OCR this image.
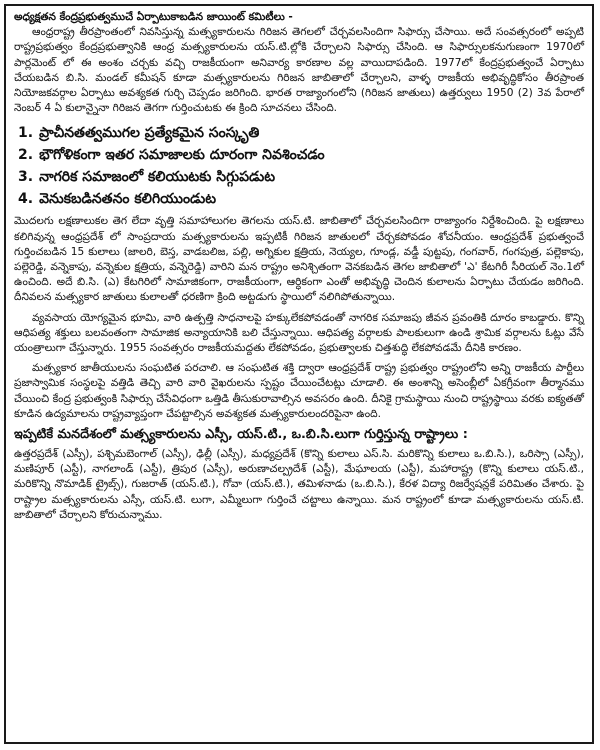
అధ్యక్షతన కేంద్రప్రభుత్వముచే ఏర్పాటుకాబడిన జాయింట్ కమిటీలు -

ఆంధ్రరాష్ట్ర తీరప్రాంతంలో నివసిస్తున్న మత్స్యకారులను గిరిజన తెగలలో చేర్చవలసిందిగా సిఫార్సు చేసాయి. అదే సంవత్సరంలో అప్పటి రాష్ట్రప్రభుత్వం కేంద్రప్రభుత్వానికి ఆంధ్ర మత్స్యకారులను యస్.టి.ల్లోకి చేర్చాలని సిఫార్సు చేసింది. ఆ సిఫార్సులకనుగుణంగా 1970లో పార్లమెంట్ లో ఈ అంశం చర్చకు వచ్చి రాజకీయంగా అనివార్య కారణాల వల్ల వాయిదాపడింది. 1977లో కేంద్రప్రభుత్వంచే ఏర్పాటు చేయబడిన బి.సి. మండల్ కమీషన్ కూడా మత్స్యకారులను గిరిజన జాబితాలో చేర్చాలని, వాళ్ళ రాజకీయ అభివృద్ధికోసం తీరప్రాంత నియోజకవర్గాల ఏర్పాటు అవశ్యకత గుర్చి చెప్పడం జరిగింది. భారత రాజ్యాంగంలోని (గిరిజన జాతులు) ఉత్తర్వులు 1950 (2) 3వ పేరాలో నెంబర్ 4 ఏ కులాన్నైనా గిరిజన తెగగా గుర్తించుటకు ఈ క్రింది సూచనలు చేసింది.

1. ప్రాచీనతత్వముగల ప్రత్యేకమైన సంస్కృతి
2. భౌగోళికంగా ఇతర సమాజాలకు దూరంగా నివశించడం
3. నాగరిక సమాజంలో కలియుటకు సిగ్గుపడుట
4. వెనుకబడినతనం కలిగియుండుట

మొదలగు లక్షణాలుకల తెగ లేదా వృత్తి సమాహాలుగల తెగలను యస్.టి. జాబితాలో చేర్చవలసిందిగా రాజ్యాంగం నిర్దేశించింది. పై లక్షణాలు కలిగివున్న ఆంధ్రప్రదేశ్ లో సాంప్రదాయ మత్స్యకారులను ఇప్పటికీ గిరిజన జాతులలో చేర్చకపోవడం శోచనీయం. ఆంధ్రప్రదేశ్ ప్రభుత్వంచే గుర్తించబడిన 15 కులాలు (జాలరి, బెస్త, వాడబలిజ, పల్లి, అగ్నికుల క్షత్రియ, నెయ్యల, గూండ్ల, వడ్డీ పుట్టపు, గంగవార్, గంగపుత్ర, పల్లెకాపు, పల్లెరెడ్డి, వన్నెకాపు, వన్నెకుల క్షత్రియ, వన్నెరెడ్డి) వారిని మన రాష్ట్రం అనిశ్చితంగా వెనకబడిన తెగల జాబితాలో 'ఎ' కేటగిరీ సీరియల్ నెం.1లో ఉంచింది. అదే బి.సి. (ఎ) కేటగిరిలో సామాజికంగా, రాజకీయంగా, ఆర్ధికంగా ఎంతో అభివృద్ధి చెందిన కులాలను ఏర్పాటు చేయడం జరిగింది. దీనివలన మత్స్యకార జాతులు కులాలతో ధరణిగా క్రింది అట్టడుగు స్థాయిలో నలిగిపోతున్నాయి.

వ్యవసాయ యోగ్యమైన భూమి, వారి ఉత్పత్తి సాధనాలపై హక్కులేకపోవడంతో నాగరిక సమాజపు జీవన ప్రవంతికి దూరం కాబడ్డారు. కొన్ని ఆధిపత్య శక్తులు బలవంతంగా సామాజిక అన్యాయానికి బలి చేస్తున్నాయి. ఆధిపత్య వర్గాలకు పాలకులుగా ఉండి శ్రామిక వర్గాలను ఓట్లు వేసే యంత్రాలుగా చేస్తున్నారు. 1955 సంవత్సరం రాజకీయమద్దతు లేకపోవడం, ప్రభుత్వాలకు చిత్తశుద్ధి లేకపోవడమే దీనికి కారణం.

మత్స్యకార జాతీయులను సంఘటిత పరచాలి. ఆ సంఘటిత శక్తి ద్వారా ఆంధ్రప్రదేశ్ రాష్ట్ర ప్రభుత్వం రాష్ట్రంలోని అన్ని రాజకీయ పార్టీలు ప్రజాస్వామిక సంస్థలపై వత్తిడి తెచ్చి వారి వారి వైఖరులను స్పష్టం చేయించేటట్లు చూడాలి. ఈ అంశాన్ని అసెంబ్లీలో ఏకగ్రీవంగా తీర్మానము చేయించి కేంద్ర ప్రభుత్వంకి సిఫార్సు చేసేవిధంగా ఒత్తిడి తీసుకురావాల్సిన అవసరం ఉంది. దీనికై గ్రామస్థాయి నుంచి రాష్ట్రస్థాయి వరకు ఐక్యతతో కూడిన ఉద్యమాలను రాష్ట్రవ్యాప్తంగా చేపట్టాల్సిన అవశ్యకత మత్స్యకారులందరిపైనా ఉంది.

ఇప్పటికే మనదేశంలో మత్స్యకారులను ఎస్సీ, యస్.టి., ఒ.బి.సి.లుగా గుర్తిస్తున్న రాష్ట్రాలు :

ఉత్తరప్రదేశ్ (ఎస్సీ), పశ్చిమబెంగాల్ (ఎస్సీ), ఢిల్లీ (ఎస్సీ), మధ్యప్రదేశ్ (కొన్ని కులాలు ఎస్.సి. మరికొన్ని కులాలు ఒ.బి.సి.), ఒరిస్సా (ఎస్సీ), మణిపూర్ (ఎస్టీ), నాగలాండ్ (ఎస్టీ), త్రిపుర (ఎస్సీ), అరుణాచల్ప్రదేశ్ (ఎస్టీ), మేఘాలయ (ఎస్టీ), మహారాష్ట్ర (కొన్ని కులాలు యస్.టి., మరికొన్ని నొమాడిక్ ట్రైబ్స్), గుజరాత్ (యస్.టి.), గోవా (యస్.టి.), తమిళనాడు (ఒ.బి.సి.), కేరళ విద్యా రిజర్వేషన్లకే పరిమితం చేశారు. పై రాష్ట్రాల మత్స్యకారులను ఎస్సీ, యస్.టి. లుగా, ఎమ్మీలుగా గుర్తించే చట్టాలు ఉన్నాయి. మన రాష్ట్రంలో కూడా మత్స్యకారులను యస్.టి. జాబితాలో చేర్చాలని కోరుచున్నాము.
